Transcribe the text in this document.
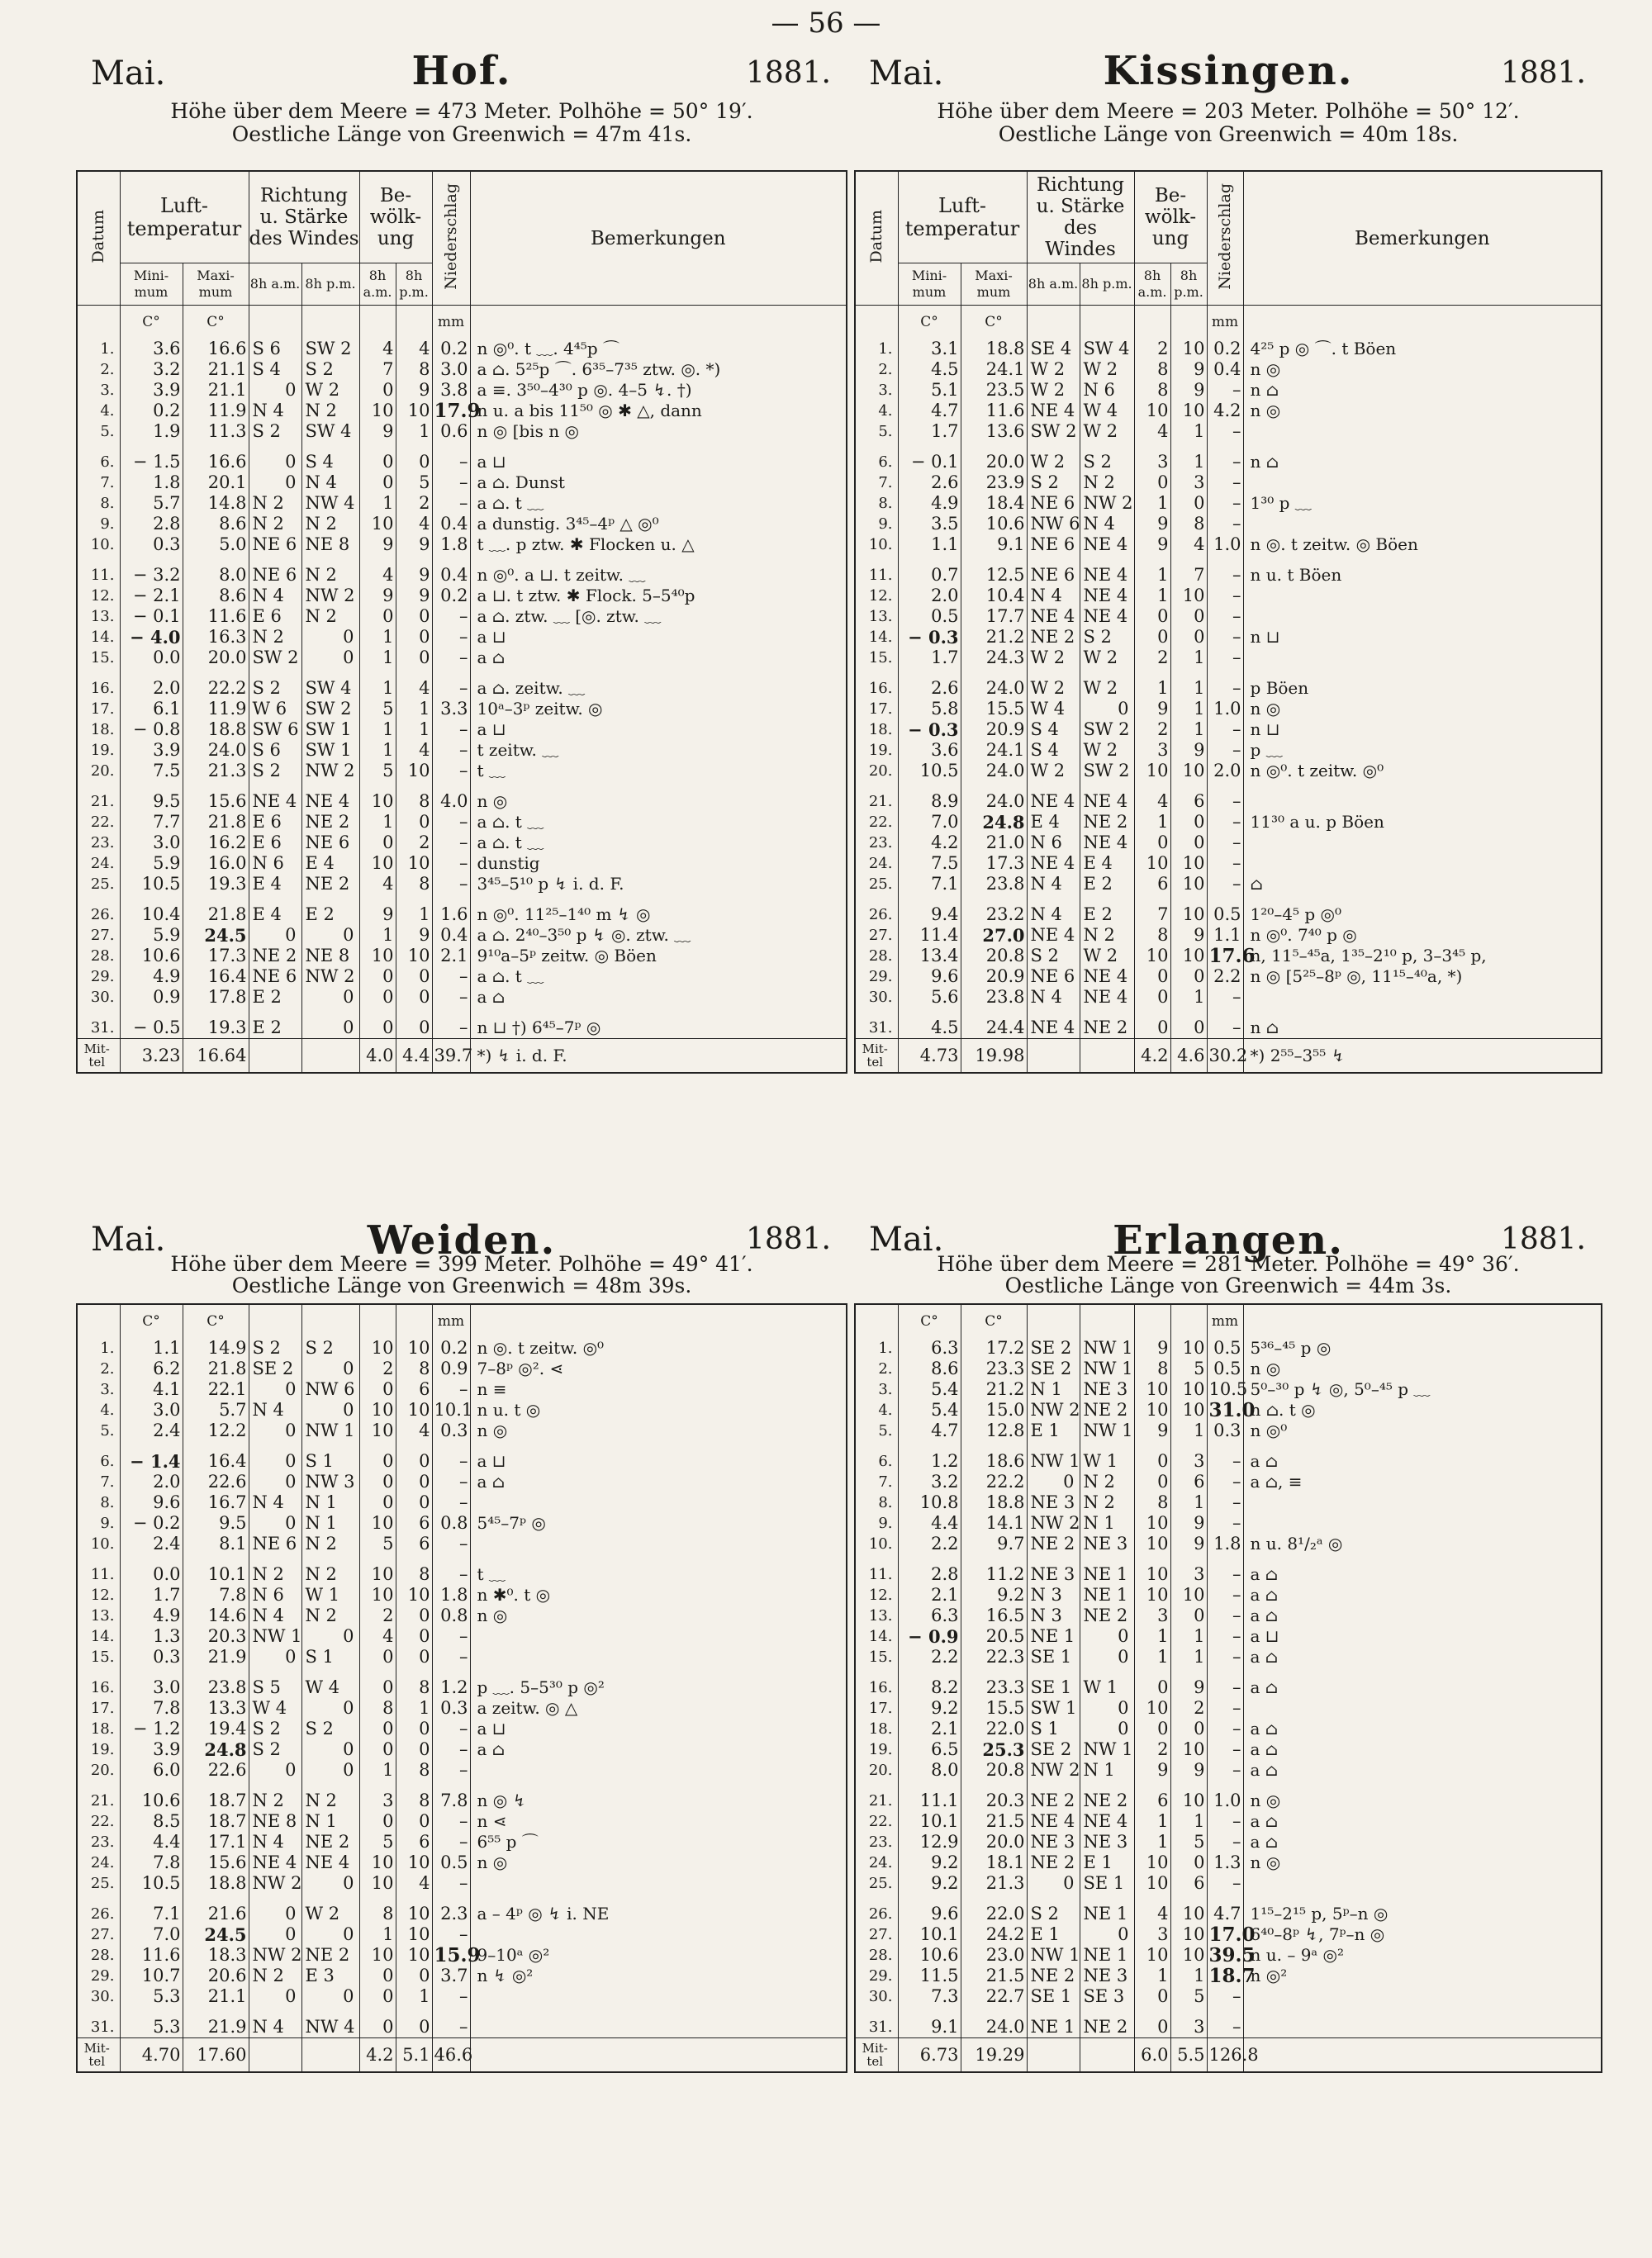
— 56 —
Mai.	Hof.	1881.
Höhe über dem Meere = 473 Meter. Polhöhe = 50° 19′.
Oestliche Länge von Greenwich = 47m 41s.
Datum	Luft-
temperatur		Richtung u. Stärke des Windes		Be-
wölk-
ung		Niederschlag	Bemerkungen
	Mini-
mum	Maxi-
mum	8h a.m.	8h p.m.	8h a.m.	8h p.m.		
	C°	C°					mm	
1.	3.6	16.6	S 6	SW 2	4	4	0.2	n ◎⁰. t ﹏. 4⁴⁵p ⌒
2.	3.2	21.1	S 4	S 2	7	8	3.0	a ⌂. 5²⁵p ⌒. 6³⁵–7³⁵ ztw. ◎. *)
3.	3.9	21.1	0	W 2	0	9	3.8	a ≡. 3⁵⁰–4³⁰ p ◎. 4–5 ↯. †)
4.	0.2	11.9	N 4	N 2	10	10	17.9	n u. a bis 11⁵⁰ ◎ ✱ △, dann
5.	1.9	11.3	S 2	SW 4	9	1	0.6	n ◎ [bis n ◎

6.	− 1.5	16.6	0	S 4	0	0	–	a ⊔
7.	1.8	20.1	0	N 4	0	5	–	a ⌂. Dunst
8.	5.7	14.8	N 2	NW 4	1	2	–	a ⌂. t ﹏
9.	2.8	8.6	N 2	N 2	10	4	0.4	a dunstig. 3⁴⁵–4ᵖ △ ◎⁰
10.	0.3	5.0	NE 6	NE 8	9	9	1.8	t ﹏. p ztw. ✱ Flocken u. △

11.	− 3.2	8.0	NE 6	N 2	4	9	0.4	n ◎⁰. a ⊔. t zeitw. ﹏
12.	− 2.1	8.6	N 4	NW 2	9	9	0.2	a ⊔. t ztw. ✱ Flock. 5–5⁴⁰p
13.	− 0.1	11.6	E 6	N 2	0	0	–	a ⌂. ztw. ﹏ [◎. ztw. ﹏
14.	− 4.0	16.3	N 2	0	1	0	–	a ⊔
15.	0.0	20.0	SW 2	0	1	0	–	a ⌂

16.	2.0	22.2	S 2	SW 4	1	4	–	a ⌂. zeitw. ﹏
17.	6.1	11.9	W 6	SW 2	5	1	3.3	10ᵃ–3ᵖ zeitw. ◎
18.	− 0.8	18.8	SW 6	SW 1	1	1	–	a ⊔
19.	3.9	24.0	S 6	SW 1	1	4	–	t zeitw. ﹏
20.	7.5	21.3	S 2	NW 2	5	10	–	t ﹏

21.	9.5	15.6	NE 4	NE 4	10	8	4.0	n ◎
22.	7.7	21.8	E 6	NE 2	1	0	–	a ⌂. t ﹏
23.	3.0	16.2	E 6	NE 6	0	2	–	a ⌂. t ﹏
24.	5.9	16.0	N 6	E 4	10	10	–	dunstig
25.	10.5	19.3	E 4	NE 2	4	8	–	3⁴⁵–5¹⁰ p ↯ i. d. F.

26.	10.4	21.8	E 4	E 2	9	1	1.6	n ◎⁰. 11²⁵–1⁴⁰ m ↯ ◎
27.	5.9	24.5	0	0	1	9	0.4	a ⌂. 2⁴⁰–3⁵⁰ p ↯ ◎. ztw. ﹏
28.	10.6	17.3	NE 2	NE 8	10	10	2.1	9¹⁰a–5ᵖ zeitw. ◎ Böen
29.	4.9	16.4	NE 6	NW 2	0	0	–	a ⌂. t ﹏
30.	0.9	17.8	E 2	0	0	0	–	a ⌂

31.	− 0.5	19.3	E 2	0	0	0	–	n ⊔ †) 6⁴⁵–7ᵖ ◎
Mit-
tel	3.23	16.64			4.0	4.4	39.7	*) ↯ i. d. F.
Mai.	Kissingen.	1881.
Höhe über dem Meere = 203 Meter. Polhöhe = 50° 12′.
Oestliche Länge von Greenwich = 40m 18s.
Datum	Luft-
temperatur		Richtung u. Stärke des Windes		Be-
wölk-
ung		Niederschlag	Bemerkungen
	Mini-
mum	Maxi-
mum	8h a.m.	8h p.m.	8h a.m.	8h p.m.		
	C°	C°					mm	
1.	3.1	18.8	SE 4	SW 4	2	10	0.2	4²⁵ p ◎ ⌒. t Böen
2.	4.5	24.1	W 2	W 2	8	9	0.4	n ◎
3.	5.1	23.5	W 2	N 6	8	9	–	n ⌂
4.	4.7	11.6	NE 4	W 4	10	10	4.2	n ◎
5.	1.7	13.6	SW 2	W 2	4	1	–	

6.	− 0.1	20.0	W 2	S 2	3	1	–	n ⌂
7.	2.6	23.9	S 2	N 2	0	3	–	
8.	4.9	18.4	NE 6	NW 2	1	0	–	1³⁰ p ﹏
9.	3.5	10.6	NW 6	N 4	9	8	–	
10.	1.1	9.1	NE 6	NE 4	9	4	1.0	n ◎. t zeitw. ◎ Böen

11.	0.7	12.5	NE 6	NE 4	1	7	–	n u. t Böen
12.	2.0	10.4	N 4	NE 4	1	10	–	
13.	0.5	17.7	NE 4	NE 4	0	0	–	
14.	− 0.3	21.2	NE 2	S 2	0	0	–	n ⊔
15.	1.7	24.3	W 2	W 2	2	1	–	

16.	2.6	24.0	W 2	W 2	1	1	–	p Böen
17.	5.8	15.5	W 4	0	9	1	1.0	n ◎
18.	− 0.3	20.9	S 4	SW 2	2	1	–	n ⊔
19.	3.6	24.1	S 4	W 2	3	9	–	p ﹏
20.	10.5	24.0	W 2	SW 2	10	10	2.0	n ◎⁰. t zeitw. ◎⁰

21.	8.9	24.0	NE 4	NE 4	4	6	–	
22.	7.0	24.8	E 4	NE 2	1	0	–	11³⁰ a u. p Böen
23.	4.2	21.0	N 6	NE 4	0	0	–	
24.	7.5	17.3	NE 4	E 4	10	10	–	
25.	7.1	23.8	N 4	E 2	6	10	–	⌂

26.	9.4	23.2	N 4	E 2	7	10	0.5	1²⁰–4⁵ p ◎⁰
27.	11.4	27.0	NE 4	N 2	8	9	1.1	n ◎⁰. 7⁴⁰ p ◎
28.	13.4	20.8	S 2	W 2	10	10	17.6	n, 11⁵–⁴⁵a, 1³⁵–2¹⁰ p, 3–3⁴⁵ p,
29.	9.6	20.9	NE 6	NE 4	0	0	2.2	n ◎ [5²⁵–8ᵖ ◎, 11¹⁵–⁴⁰a, *)
30.	5.6	23.8	N 4	NE 4	0	1	–	

31.	4.5	24.4	NE 4	NE 2	0	0	–	n ⌂
Mit-
tel	4.73	19.98			4.2	4.6	30.2	*) 2⁵⁵–3⁵⁵ ↯
Mai.	Weiden.	1881.
Höhe über dem Meere = 399 Meter. Polhöhe = 49° 41′.
Oestliche Länge von Greenwich = 48m 39s.
	C°	C°					mm	
1.	1.1	14.9	S 2	S 2	10	10	0.2	n ◎. t zeitw. ◎⁰
2.	6.2	21.8	SE 2	0	2	8	0.9	7–8ᵖ ◎². ⋖
3.	4.1	22.1	0	NW 6	0	6	–	n ≡
4.	3.0	5.7	N 4	0	10	10	10.1	n u. t ◎
5.	2.4	12.2	0	NW 1	10	4	0.3	n ◎

6.	− 1.4	16.4	0	S 1	0	0	–	a ⊔
7.	2.0	22.6	0	NW 3	0	0	–	a ⌂
8.	9.6	16.7	N 4	N 1	0	0	–	
9.	− 0.2	9.5	0	N 1	10	6	0.8	5⁴⁵–7ᵖ ◎
10.	2.4	8.1	NE 6	N 2	5	6	–	

11.	0.0	10.1	N 2	N 2	10	8	–	t ﹏
12.	1.7	7.8	N 6	W 1	10	10	1.8	n ✱⁰. t ◎
13.	4.9	14.6	N 4	N 2	2	0	0.8	n ◎
14.	1.3	20.3	NW 1	0	4	0	–	
15.	0.3	21.9	0	S 1	0	0	–	

16.	3.0	23.8	S 5	W 4	0	8	1.2	p ﹏. 5–5³⁰ p ◎²
17.	7.8	13.3	W 4	0	8	1	0.3	a zeitw. ◎ △
18.	− 1.2	19.4	S 2	S 2	0	0	–	a ⊔
19.	3.9	24.8	S 2	0	0	0	–	a ⌂
20.	6.0	22.6	0	0	1	8	–	

21.	10.6	18.7	N 2	N 2	3	8	7.8	n ◎ ↯
22.	8.5	18.7	NE 8	N 1	0	0	–	n ⋖
23.	4.4	17.1	N 4	NE 2	5	6	–	6⁵⁵ p ⌒
24.	7.8	15.6	NE 4	NE 4	10	10	0.5	n ◎
25.	10.5	18.8	NW 2	0	10	4	–	

26.	7.1	21.6	0	W 2	8	10	2.3	a – 4ᵖ ◎ ↯ i. NE
27.	7.0	24.5	0	0	1	10	–	
28.	11.6	18.3	NW 2	NE 2	10	10	15.9	9–10ᵃ ◎²
29.	10.7	20.6	N 2	E 3	0	0	3.7	n ↯ ◎²
30.	5.3	21.1	0	0	0	1	–	

31.	5.3	21.9	N 4	NW 4	0	0	–	
Mit-
tel	4.70	17.60			4.2	5.1	46.6	
Mai.	Erlangen.	1881.
Höhe über dem Meere = 281 Meter. Polhöhe = 49° 36′.
Oestliche Länge von Greenwich = 44m 3s.
	C°	C°					mm	
1.	6.3	17.2	SE 2	NW 1	9	10	0.5	5³⁶–⁴⁵ p ◎
2.	8.6	23.3	SE 2	NW 1	8	5	0.5	n ◎
3.	5.4	21.2	N 1	NE 3	10	10	10.5	5⁰–³⁰ p ↯ ◎, 5⁰–⁴⁵ p ﹏
4.	5.4	15.0	NW 2	NE 2	10	10	31.0	n ⌂. t ◎
5.	4.7	12.8	E 1	NW 1	9	1	0.3	n ◎⁰

6.	1.2	18.6	NW 1	W 1	0	3	–	a ⌂
7.	3.2	22.2	0	N 2	0	6	–	a ⌂, ≡
8.	10.8	18.8	NE 3	N 2	8	1	–	
9.	4.4	14.1	NW 2	N 1	10	9	–	
10.	2.2	9.7	NE 2	NE 3	10	9	1.8	n u. 8¹/₂ᵃ ◎

11.	2.8	11.2	NE 3	NE 1	10	3	–	a ⌂
12.	2.1	9.2	N 3	NE 1	10	10	–	a ⌂
13.	6.3	16.5	N 3	NE 2	3	0	–	a ⌂
14.	− 0.9	20.5	NE 1	0	1	1	–	a ⊔
15.	2.2	22.3	SE 1	0	1	1	–	a ⌂

16.	8.2	23.3	SE 1	W 1	0	9	–	a ⌂
17.	9.2	15.5	SW 1	0	10	2	–	
18.	2.1	22.0	S 1	0	0	0	–	a ⌂
19.	6.5	25.3	SE 2	NW 1	2	10	–	a ⌂
20.	8.0	20.8	NW 2	N 1	9	9	–	a ⌂

21.	11.1	20.3	NE 2	NE 2	6	10	1.0	n ◎
22.	10.1	21.5	NE 4	NE 4	1	1	–	a ⌂
23.	12.9	20.0	NE 3	NE 3	1	5	–	a ⌂
24.	9.2	18.1	NE 2	E 1	10	0	1.3	n ◎
25.	9.2	21.3	0	SE 1	10	6	–	

26.	9.6	22.0	S 2	NE 1	4	10	4.7	1¹⁵–2¹⁵ p, 5ᵖ–n ◎
27.	10.1	24.2	E 1	0	3	10	17.0	6⁴⁰–8ᵖ ↯, 7ᵖ–n ◎
28.	10.6	23.0	NW 1	NE 1	10	10	39.5	n u. – 9ᵃ ◎²
29.	11.5	21.5	NE 2	NE 3	1	1	18.7	n ◎²
30.	7.3	22.7	SE 1	SE 3	0	5	–	

31.	9.1	24.0	NE 1	NE 2	0	3	–	
Mit-
tel	6.73	19.29			6.0	5.5	126.8	
